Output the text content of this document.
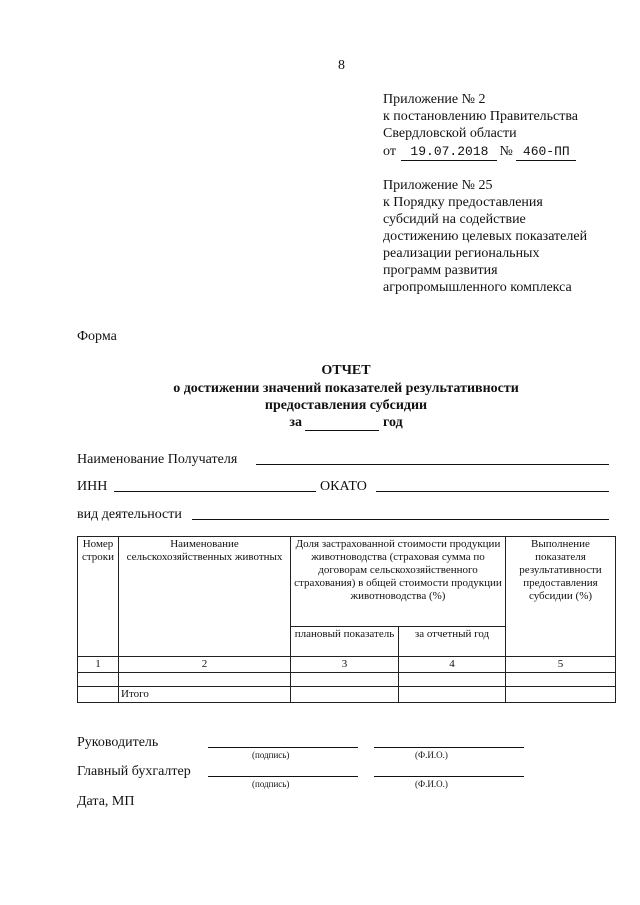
8
Приложение № 2
к постановлению Правительства
Свердловской области
от 19.07.2018 № 460-ПП
Приложение № 25
к Порядку предоставления
субсидий на содействие
достижению целевых показателей
реализации региональных
программ развития
агропромышленного комплекса
Форма
ОТЧЕТ
о достижении значений показателей результативности
предоставления субсидии
за	год
Наименование Получателя
ИНН	ОКАТО
вид деятельности
Номер строки	Наименование сельскохозяйственных животных	Доля застрахованной стоимости продукции животноводства (страховая сумма по договорам сельскохозяйственного страхования) в общей стоимости продукции животноводства (%)		Выполнение показателя результативности предоставления субсидии (%)
		плановый показатель	за отчетный год	
1	2	3	4	5

	Итого			
Руководитель
(подпись)	(Ф.И.О.)
Главный бухгалтер
(подпись)	(Ф.И.О.)
Дата, МП
